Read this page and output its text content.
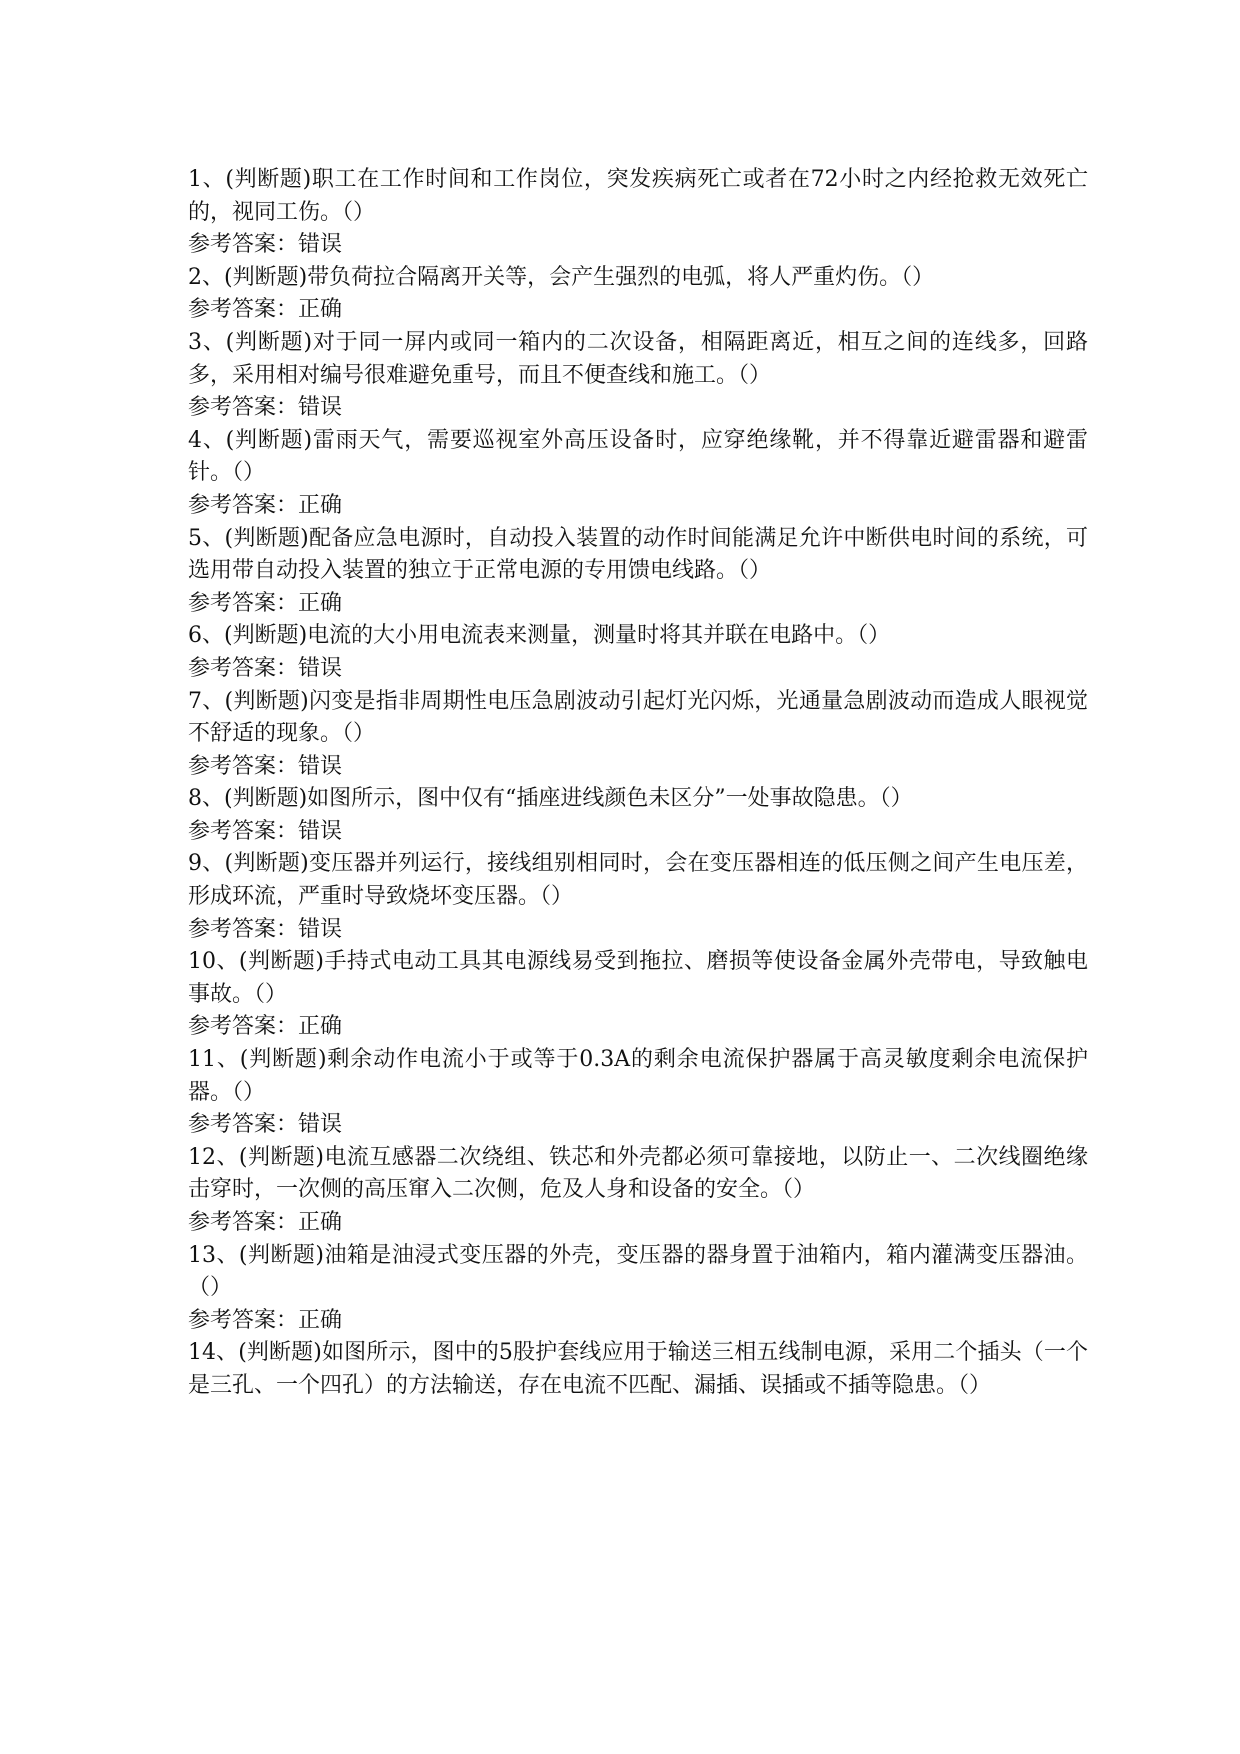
1、(判断题)职工在工作时间和工作岗位，突发疾病死亡或者在72小时之内经抢救无效死亡的，视同工伤。（）

参考答案：错误

2、(判断题)带负荷拉合隔离开关等，会产生强烈的电弧，将人严重灼伤。（）

参考答案：正确

3、(判断题)对于同一屏内或同一箱内的二次设备，相隔距离近，相互之间的连线多，回路多，采用相对编号很难避免重号，而且不便查线和施工。（）

参考答案：错误

4、(判断题)雷雨天气，需要巡视室外高压设备时，应穿绝缘靴，并不得靠近避雷器和避雷针。（）

参考答案：正确

5、(判断题)配备应急电源时，自动投入装置的动作时间能满足允许中断供电时间的系统，可选用带自动投入装置的独立于正常电源的专用馈电线路。（）

参考答案：正确

6、(判断题)电流的大小用电流表来测量，测量时将其并联在电路中。（）

参考答案：错误

7、(判断题)闪变是指非周期性电压急剧波动引起灯光闪烁，光通量急剧波动而造成人眼视觉不舒适的现象。（）

参考答案：错误

8、(判断题)如图所示，图中仅有“插座进线颜色未区分”一处事故隐患。（）

参考答案：错误

9、(判断题)变压器并列运行，接线组别相同时，会在变压器相连的低压侧之间产生电压差，形成环流，严重时导致烧坏变压器。（）

参考答案：错误

10、(判断题)手持式电动工具其电源线易受到拖拉、磨损等使设备金属外壳带电，导致触电事故。（）

参考答案：正确

11、(判断题)剩余动作电流小于或等于0.3A的剩余电流保护器属于高灵敏度剩余电流保护器。（）

参考答案：错误

12、(判断题)电流互感器二次绕组、铁芯和外壳都必须可靠接地，以防止一、二次线圈绝缘击穿时，一次侧的高压窜入二次侧，危及人身和设备的安全。（）

参考答案：正确

13、(判断题)油箱是油浸式变压器的外壳，变压器的器身置于油箱内，箱内灌满变压器油。（）

参考答案：正确

14、(判断题)如图所示，图中的5股护套线应用于输送三相五线制电源，采用二个插头（一个是三孔、一个四孔）的方法输送，存在电流不匹配、漏插、误插或不插等隐患。（）
